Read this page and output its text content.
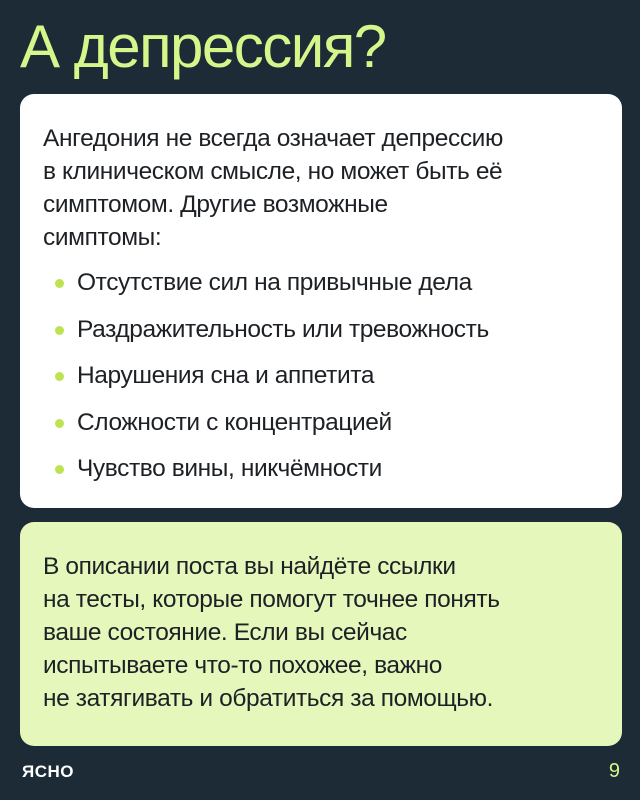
А депрессия?

Ангедония не всегда означает депрессию
в клиническом смысле, но может быть её
симптомом. Другие возможные
симптомы:

Отсутствие сил на привычные дела
Раздражительность или тревожность
Нарушения сна и аппетита
Сложности с концентрацией
Чувство вины, никчёмности

В описании поста вы найдёте ссылки
на тесты, которые помогут точнее понять
ваше состояние. Если вы сейчас
испытываете что-то похожее, важно
не затягивать и обратиться за помощью.

ЯСНО	9
